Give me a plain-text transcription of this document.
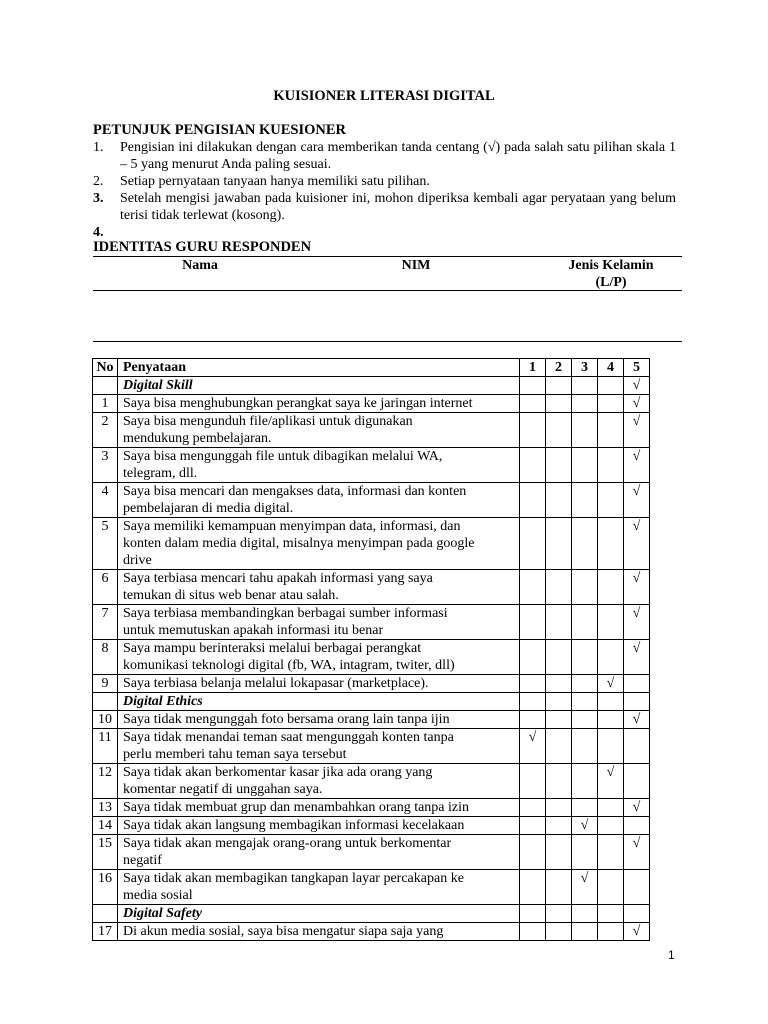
KUISIONER LITERASI DIGITAL
PETUNJUK PENGISIAN KUESIONER
1. Pengisian ini dilakukan dengan cara memberikan tanda centang (√) pada salah satu pilihan skala 1 – 5 yang menurut Anda paling sesuai.
2. Setiap pernyataan tanyaan hanya memiliki satu pilihan.
3. Setelah mengisi jawaban pada kuisioner ini, mohon diperiksa kembali agar peryataan yang belum terisi tidak terlewat (kosong).
4.
IDENTITAS GURU RESPONDEN
Nama	NIM	Jenis Kelamin
(L/P)
No	Penyataan	1	2	3	4	5
	Digital Skill					√
1	Saya bisa menghubungkan perangkat saya ke jaringan internet					√
2	Saya bisa mengunduh file/aplikasi untuk digunakan
mendukung pembelajaran.					√
3	Saya bisa mengunggah file untuk dibagikan melalui WA,
telegram, dll.					√
4	Saya bisa mencari dan mengakses data, informasi dan konten
pembelajaran di media digital.					√
5	Saya memiliki kemampuan menyimpan data, informasi, dan
konten dalam media digital, misalnya menyimpan pada google
drive					√
6	Saya terbiasa mencari tahu apakah informasi yang saya
temukan di situs web benar atau salah.					√
7	Saya terbiasa membandingkan berbagai sumber informasi
untuk memutuskan apakah informasi itu benar					√
8	Saya mampu berinteraksi melalui berbagai perangkat
komunikasi teknologi digital (fb, WA, intagram, twiter, dll)					√
9	Saya terbiasa belanja melalui lokapasar (marketplace).				√	
	Digital Ethics					
10	Saya tidak mengunggah foto bersama orang lain tanpa ijin					√
11	Saya tidak menandai teman saat mengunggah konten tanpa
perlu memberi tahu teman saya tersebut	√				
12	Saya tidak akan berkomentar kasar jika ada orang yang
komentar negatif di unggahan saya.				√	
13	Saya tidak membuat grup dan menambahkan orang tanpa izin					√
14	Saya tidak akan langsung membagikan informasi kecelakaan			√		
15	Saya tidak akan mengajak orang-orang untuk berkomentar
negatif					√
16	Saya tidak akan membagikan tangkapan layar percakapan ke
media sosial			√		
	Digital Safety					
17	Di akun media sosial, saya bisa mengatur siapa saja yang					√
1
